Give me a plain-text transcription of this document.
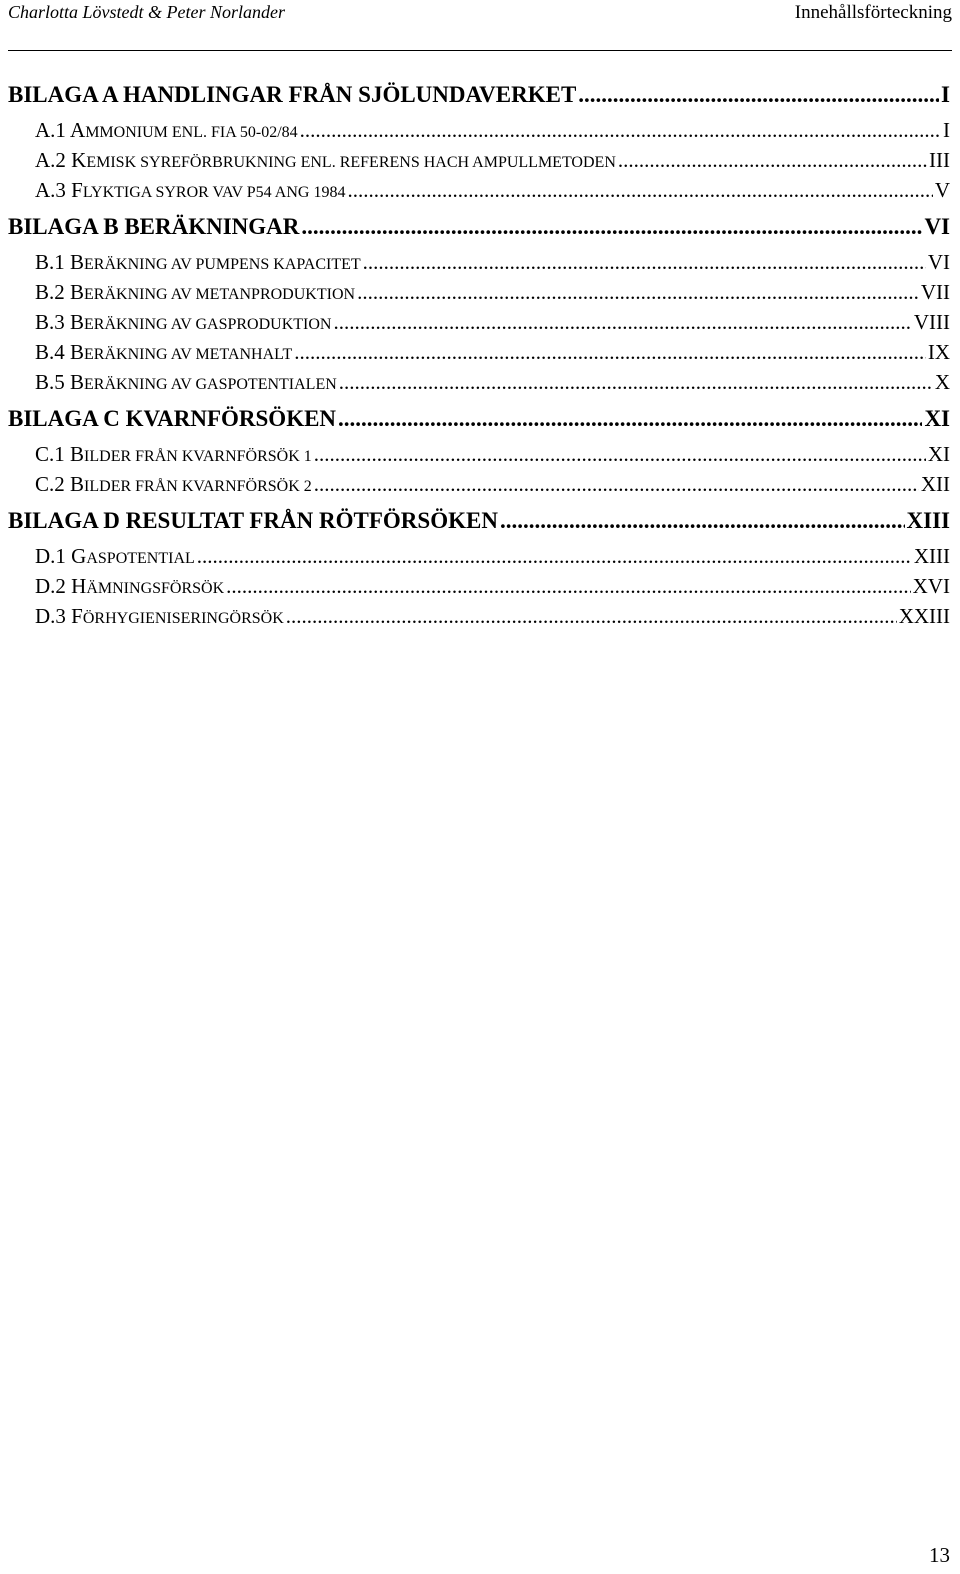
Charlotta Lövstedt & Peter Norlander	Innehållsförteckning
BILAGA A HANDLINGAR FRÅN SJÖLUNDAVERKET .....	I
A.1 AMMONIUM ENL. FIA 50-02/84 .....	I
A.2 KEMISK SYREFÖRBRUKNING ENL. REFERENS HACH AMPULLMETODEN .....	III
A.3 FLYKTIGA SYROR VAV P54 ANG 1984 .....	V
BILAGA B BERÄKNINGAR .....	VI
B.1 BERÄKNING AV PUMPENS KAPACITET .....	VI
B.2 BERÄKNING AV METANPRODUKTION .....	VII
B.3 BERÄKNING AV GASPRODUKTION .....	VIII
B.4 BERÄKNING AV METANHALT .....	IX
B.5 BERÄKNING AV GASPOTENTIALEN .....	X
BILAGA C KVARNFÖRSÖKEN .....	XI
C.1 BILDER FRÅN KVARNFÖRSÖK 1 .....	XI
C.2 BILDER FRÅN KVARNFÖRSÖK 2 .....	XII
BILAGA D RESULTAT FRÅN RÖTFÖRSÖKEN .....	XIII
D.1 GASPOTENTIAL .....	XIII
D.2 HÄMNINGSFÖRSÖK .....	XVI
D.3 FÖRHYGIENISERINGÖRSÖK .....	XXIII
13
